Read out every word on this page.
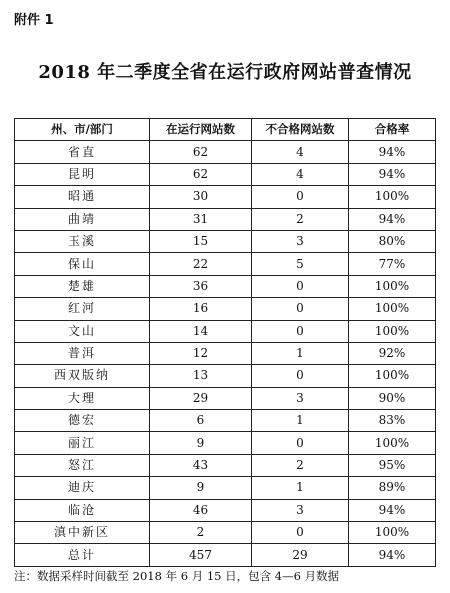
附件 1
2018 年二季度全省在运行政府网站普查情况
州、市/部门	在运行网站数	不合格网站数	合格率
省直	62	4	94%
昆明	62	4	94%
昭通	30	0	100%
曲靖	31	2	94%
玉溪	15	3	80%
保山	22	5	77%
楚雄	36	0	100%
红河	16	0	100%
文山	14	0	100%
普洱	12	1	92%
西双版纳	13	0	100%
大理	29	3	90%
德宏	6	1	83%
丽江	9	0	100%
怒江	43	2	95%
迪庆	9	1	89%
临沧	46	3	94%
滇中新区	2	0	100%
总计	457	29	94%
注：数据采样时间截至 2018 年 6 月 15 日，包含 4—6 月数据
